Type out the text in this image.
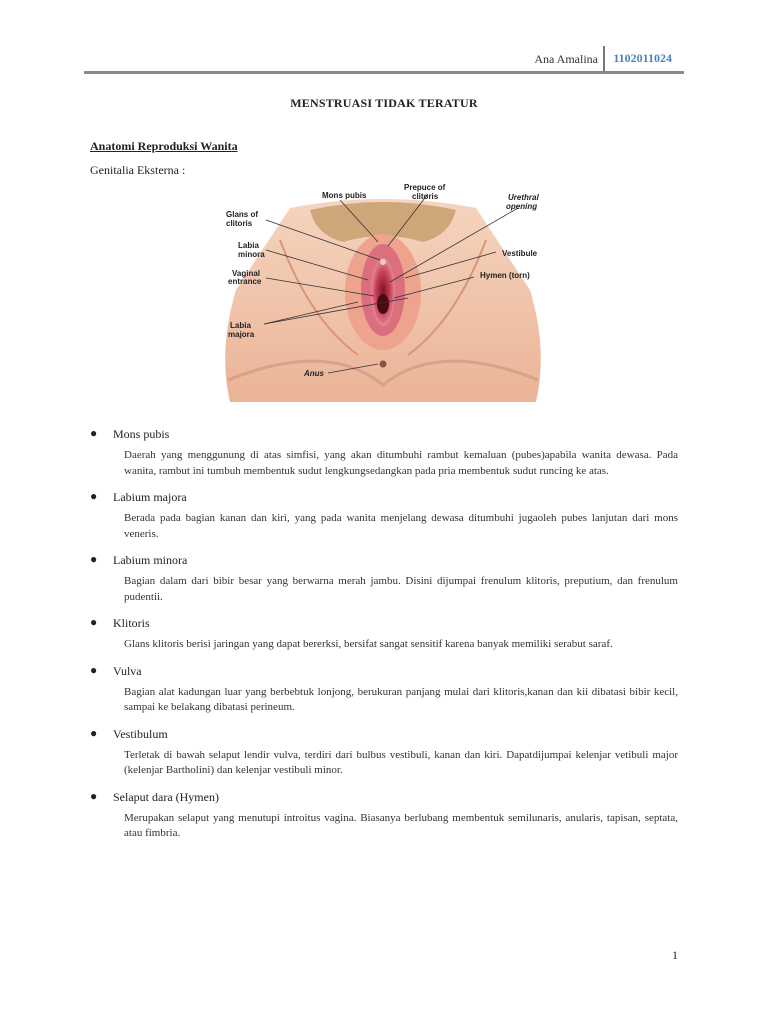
Ana Amalina 1102011024
MENSTRUASI TIDAK TERATUR
Anatomi Reproduksi Wanita
Genitalia Eksterna :
Mons pubis
Prepuce of
clitoris	Urethral
opening
Glans of
clitoris
Labia
minora	Vestibule
Vaginal
entrance
Hymen (torn)
Labia
majora
Anus
● Mons pubis
Daerah yang menggunung di atas simfisi, yang akan ditumbuhi rambut kemaluan (pubes)apabila wanita dewasa. Pada wanita, rambut ini tumbuh membentuk sudut lengkungsedangkan pada pria membentuk sudut runcing ke atas.
● Labium majora
Berada pada bagian kanan dan kiri, yang pada wanita menjelang dewasa ditumbuhi jugaoleh pubes lanjutan dari mons veneris.
● Labium minora
Bagian dalam dari bibir besar yang berwarna merah jambu. Disini dijumpai frenulum klitoris, preputium, dan frenulum pudentii.
● Klitoris
Glans klitoris berisi jaringan yang dapat bererksi, bersifat sangat sensitif karena banyak memiliki serabut saraf.
● Vulva
Bagian alat kadungan luar yang berbebtuk lonjong, berukuran panjang mulai dari klitoris,kanan dan kii dibatasi bibir kecil, sampai ke belakang dibatasi perineum.
● Vestibulum
Terletak di bawah selaput lendir vulva, terdiri dari bulbus vestibuli, kanan dan kiri. Dapatdijumpai kelenjar vetibuli major (kelenjar Bartholini) dan kelenjar vestibuli minor.
● Selaput dara (Hymen)
Merupakan selaput yang menutupi introitus vagina. Biasanya berlubang membentuk semilunaris, anularis, tapisan, septata, atau fimbria.
1
